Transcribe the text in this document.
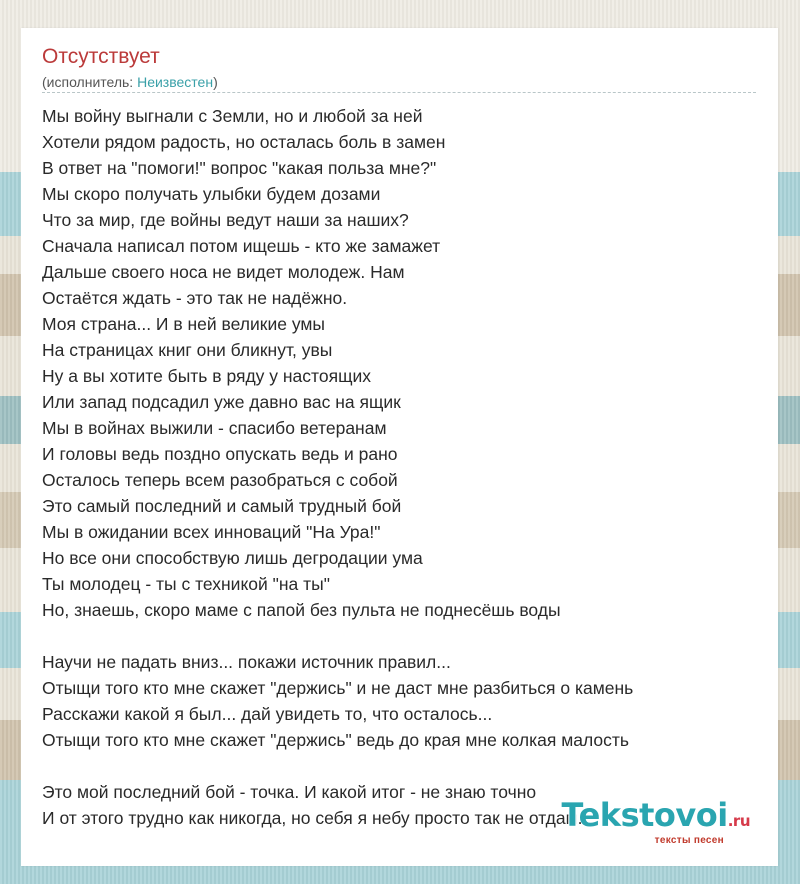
Отсутствует
(исполнитель: Неизвестен)
Мы войну выгнали с Земли, но и любой за ней
Хотели рядом радость, но осталась боль в замен
В ответ на "помоги!" вопрос "какая польза мне?"
Мы скоро получать улыбки будем дозами
Что за мир, где войны ведут наши за наших?
Сначала написал потом ищешь - кто же замажет
Дальше своего носа не видет молодеж. Нам
Остаётся ждать - это так не надёжно.
Моя страна... И в ней великие умы
На страницах книг они бликнут, увы
Ну а вы хотите быть в ряду у настоящих
Или запад подсадил уже давно вас на ящик
Мы в войнах выжили - спасибо ветеранам
И головы ведь поздно опускать ведь и рано
Осталось теперь всем разобраться с собой
Это самый последний и самый трудный бой
Мы в ожидании всех инноваций "На Ура!"
Но все они способствую лишь дегродации ума
Ты молодец - ты с техникой "на ты"
Но, знаешь, скоро маме с папой без пульта не поднесёшь воды
Научи не падать вниз... покажи источник правил...
Отыщи того кто мне скажет "держись" и не даст мне разбиться о камень
Расскажи какой я был... дай увидеть то, что осталось...
Отыщи того кто мне скажет "держись" ведь до края мне колкая малость
Это мой последний бой - точка. И какой итог - не знаю точно
И от этого трудно как никогда, но себя я небу просто так не отдам...
Tekstovoi.ru
тексты песен
